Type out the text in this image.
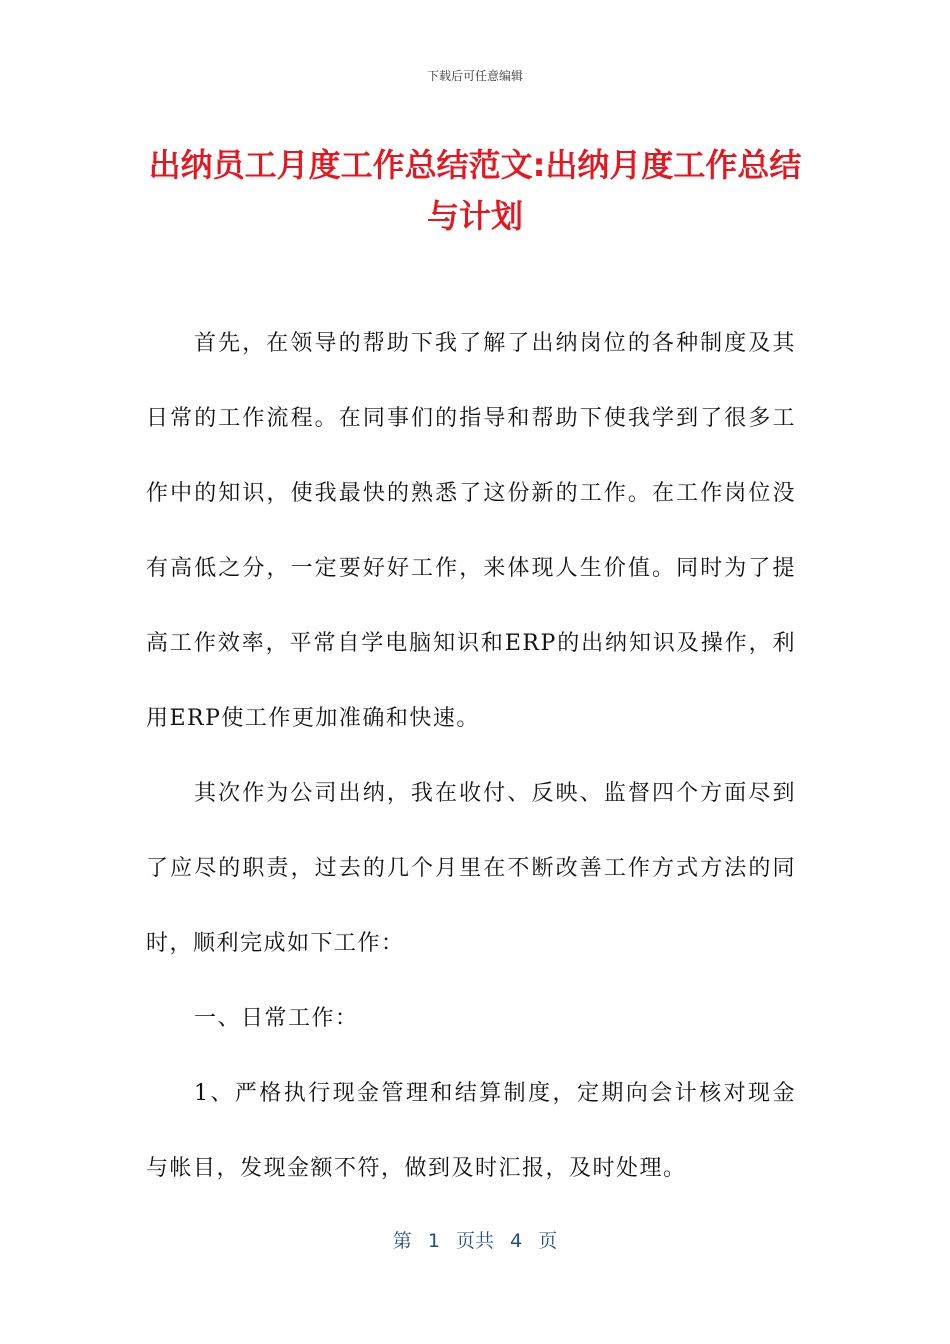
下载后可任意编辑
出纳员工月度工作总结范文:出纳月度工作总结与计划

首先，在领导的帮助下我了解了出纳岗位的各种制度及其日常的工作流程。在同事们的指导和帮助下使我学到了很多工作中的知识，使我最快的熟悉了这份新的工作。在工作岗位没有高低之分，一定要好好工作，来体现人生价值。同时为了提高工作效率，平常自学电脑知识和ERP的出纳知识及操作，利用ERP使工作更加准确和快速。

其次作为公司出纳，我在收付、反映、监督四个方面尽到了应尽的职责，过去的几个月里在不断改善工作方式方法的同时，顺利完成如下工作：

一、日常工作：

1、严格执行现金管理和结算制度，定期向会计核对现金与帐目，发现金额不符，做到及时汇报，及时处理。

第 1 页共 4 页
